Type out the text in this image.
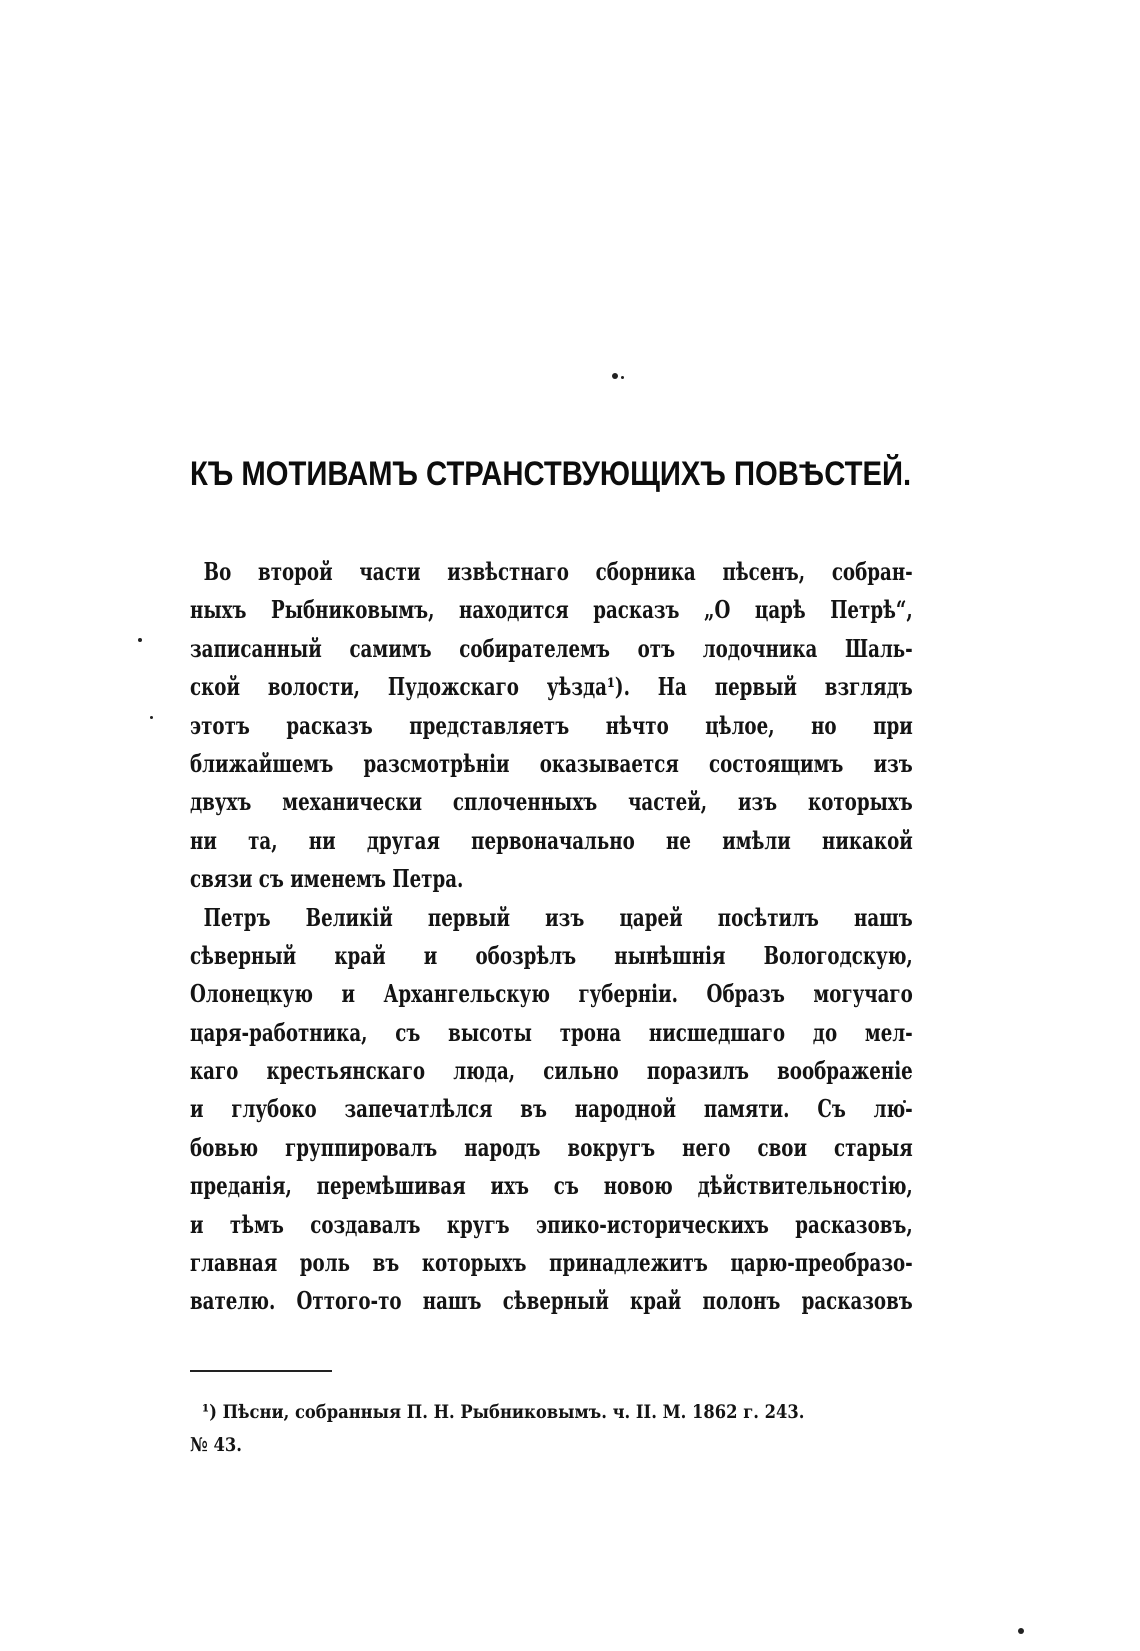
КЪ МОТИВАМЪ СТРАНСТВУЮЩИХЪ ПОВѢСТЕЙ.
Во второй части извѣстнаго сборника пѣсенъ, собран-
ныхъ Рыбниковымъ, находится расказъ „О царѣ Петрѣ“,
записанный самимъ собирателемъ отъ лодочника Шаль-
ской волости, Пудожскаго уѣзда¹). На первый взглядъ
этотъ расказъ представляетъ нѣчто цѣлое, но при
ближайшемъ разсмотрѣніи оказывается состоящимъ изъ
двухъ механически сплоченныхъ частей, изъ которыхъ
ни та, ни другая первоначально не имѣли никакой
связи съ именемъ Петра.
Петръ Великій первый изъ царей посѣтилъ нашъ
сѣверный край и обозрѣлъ нынѣшнія Вологодскую,
Олонецкую и Архангельскую губерніи. Образъ могучаго
царя-работника, съ высоты трона нисшедшаго до мел-
каго крестьянскаго люда, сильно поразилъ воображеніе
и глубоко запечатлѣлся въ народной памяти. Съ лю-
бовью группировалъ народъ вокругъ него свои старыя
преданія, перемѣшивая ихъ съ новою дѣйствительностію,
и тѣмъ создавалъ кругъ эпико-историческихъ расказовъ,
главная роль въ которыхъ принадлежитъ царю-преобразо-
вателю. Оттого-то нашъ сѣверный край полонъ расказовъ
¹) Пѣсни, собранныя П. Н. Рыбниковымъ. ч. II. М. 1862 г. 243.
№ 43.
